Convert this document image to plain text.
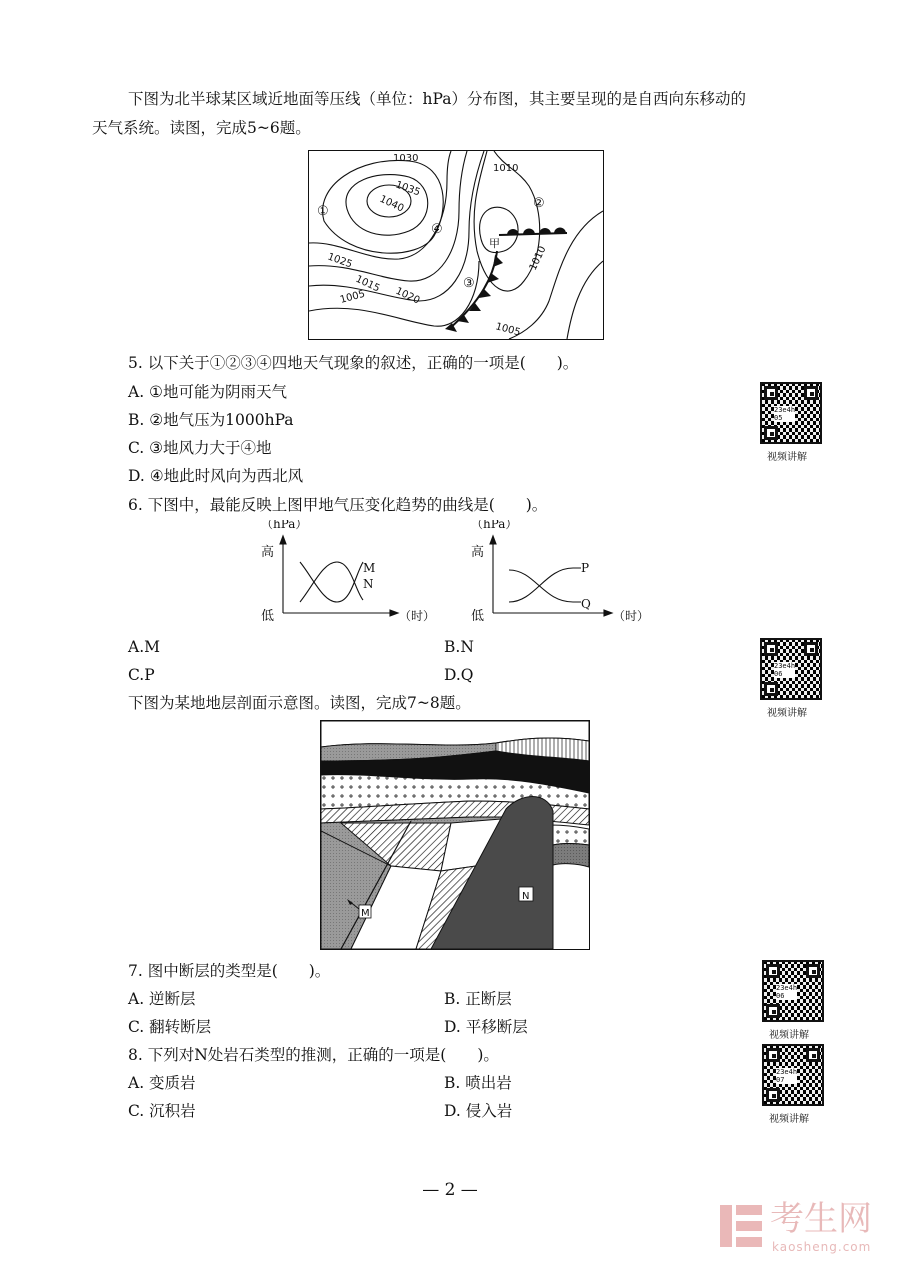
下图为北半球某区域近地面等压线（单位：hPa）分布图，其主要呈现的是自西向东移动的
天气系统。读图，完成5~6题。
1030
1035
1040
1025
1015
1020
1005
1010
1010
1005
①
②
③
④
甲
5. 以下关于①②③④四地天气现象的叙述，正确的一项是(　　)。
A. ①地可能为阴雨天气
B. ②地气压为1000hPa
C. ③地风力大于④地
D. ④地此时风向为西北风
23e4h
05
视频讲解
6. 下图中，最能反映上图甲地气压变化趋势的曲线是(　　)。
（hPa）
高
低	（时）
M
N
（hPa）
高
低	（时）
P
Q
A.M	B.N
C.P	D.Q	23e4h
06
视频讲解
下图为某地地层剖面示意图。读图，完成7~8题。
M
N
7. 图中断层的类型是(　　)。
A. 逆断层	B. 正断层
C. 翻转断层	D. 平移断层
23e4h
06
视频讲解
8. 下列对N处岩石类型的推测，正确的一项是(　　)。
A. 变质岩	B. 喷出岩
C. 沉积岩	D. 侵入岩
23e4h
07
视频讲解
— 2 —
考生网
kaosheng.com
